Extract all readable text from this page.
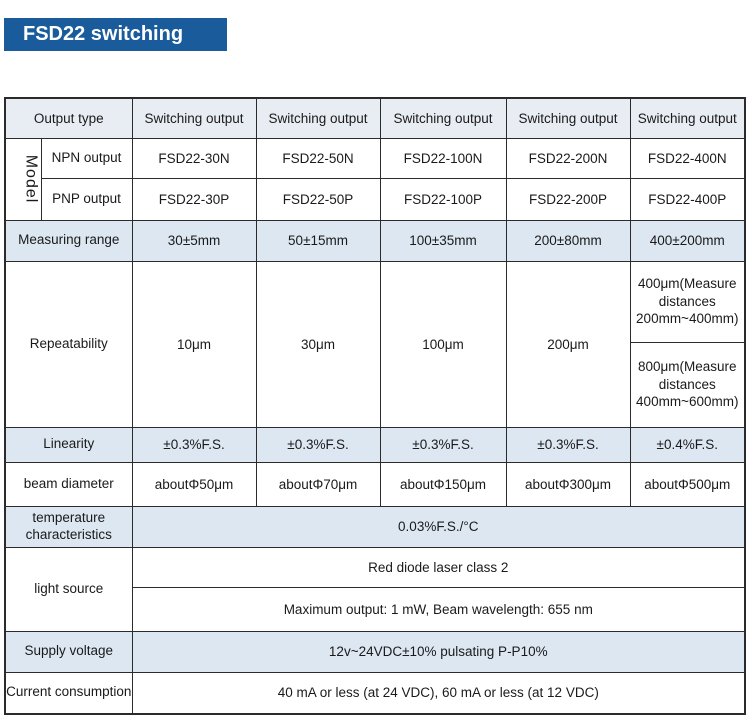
FSD22 switching type
Output type		Switching output	Switching output	Switching output	Switching output	Switching output
Model	NPN output	FSD22-30N	FSD22-50N	FSD22-100N	FSD22-200N	FSD22-400N
	PNP output	FSD22-30P	FSD22-50P	FSD22-100P	FSD22-200P	FSD22-400P
Measuring range		30±5mm	50±15mm	100±35mm	200±80mm	400±200mm
Repeatability		10μm	30μm	100μm	200μm	400μm(Measure distances 200mm~400mm)
						800μm(Measure distances 400mm~600mm)
Linearity		±0.3%F.S.	±0.3%F.S.	±0.3%F.S.	±0.3%F.S.	±0.4%F.S.
beam diameter		aboutΦ50μm	aboutΦ70μm	aboutΦ150μm	aboutΦ300μm	aboutΦ500μm
temperature characteristics		0.03%F.S./°C				
light source		Red diode laser class 2				
		Maximum output: 1 mW, Beam wavelength: 655 nm				
Supply voltage		12v~24VDC±10% pulsating P-P10%				
Current consumption		40 mA or less (at 24 VDC), 60 mA or less (at 12 VDC)				
